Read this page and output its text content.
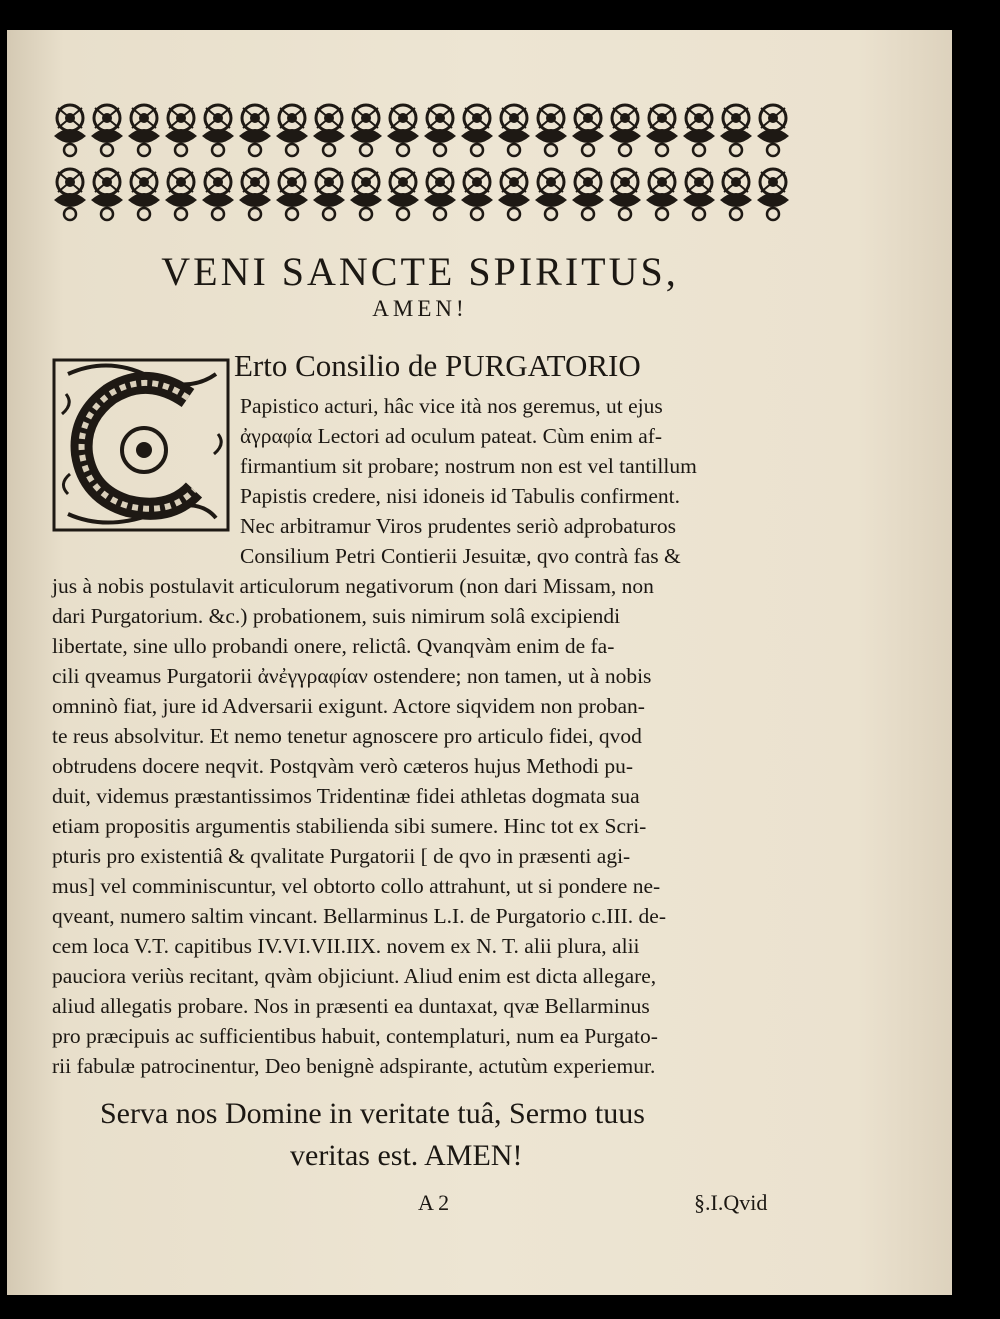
VENI SANCTE SPIRITUS,
AMEN!
Erto Consilio de PURGATORIO
Papistico acturi, hâc vice ità nos geremus, ut ejus
ἀγραφία Lectori ad oculum pateat. Cùm enim af-
firmantium sit probare; nostrum non est vel tantillum
Papistis credere, nisi idoneis id Tabulis confirment.
Nec arbitramur Viros prudentes seriò adprobaturos
Consilium Petri Contierii Jesuitæ, qvo contrà fas &
jus à nobis postulavit articulorum negativorum (non dari Missam, non
dari Purgatorium. &c.) probationem, suis nimirum solâ excipiendi
libertate, sine ullo probandi onere, relictâ. Qvanqvàm enim de fa-
cili qveamus Purgatorii ἀνἐγγραφίαν ostendere; non tamen, ut à nobis
omninò fiat, jure id Adversarii exigunt. Actore siqvidem non proban-
te reus absolvitur. Et nemo tenetur agnoscere pro articulo fidei, qvod
obtrudens docere neqvit. Postqvàm verò cæteros hujus Methodi pu-
duit, videmus præstantissimos Tridentinæ fidei athletas dogmata sua
etiam propositis argumentis stabilienda sibi sumere. Hinc tot ex Scri-
pturis pro existentiâ & qvalitate Purgatorii [ de qvo in præsenti agi-
mus] vel comminiscuntur, vel obtorto collo attrahunt, ut si pondere ne-
qveant, numero saltim vincant. Bellarminus L.I. de Purgatorio c.III. de-
cem loca V.T. capitibus IV.VI.VII.IIX. novem ex N. T. alii plura, alii
pauciora veriùs recitant, qvàm objiciunt. Aliud enim est dicta allegare,
aliud allegatis probare. Nos in præsenti ea duntaxat, qvæ Bellarminus
pro præcipuis ac sufficientibus habuit, contemplaturi, num ea Purgato-
rii fabulæ patrocinentur, Deo benignè adspirante, actutùm experiemur.
Serva nos Domine in veritate tuâ, Sermo tuus
veritas est. AMEN!
A 2	§.I.Qvid
